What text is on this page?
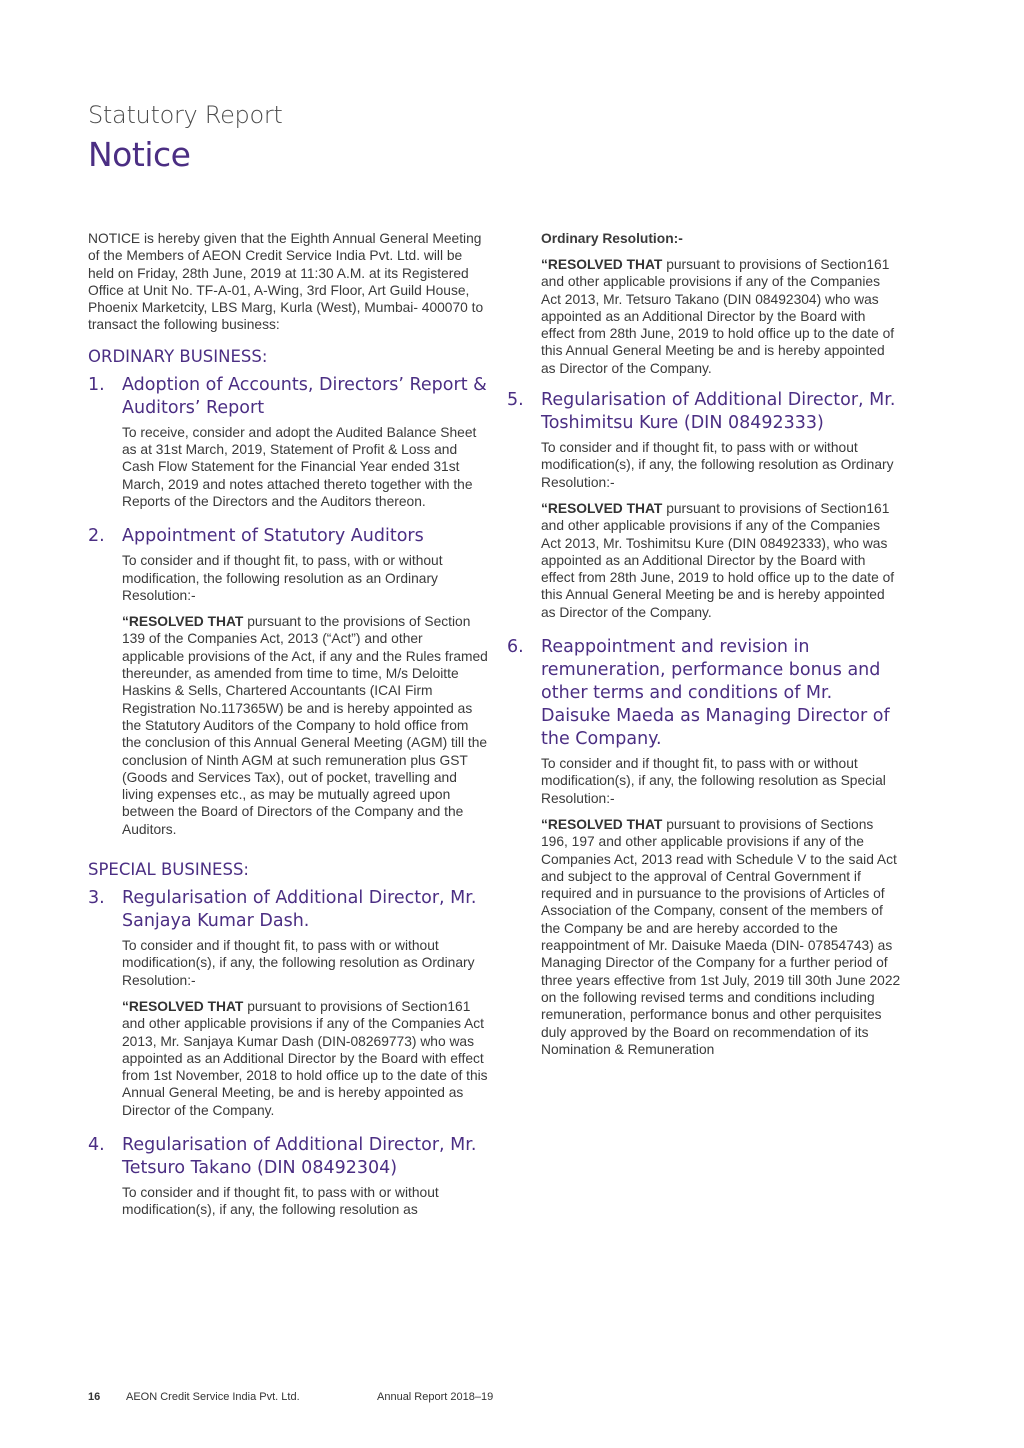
Statutory Report
Notice

NOTICE is hereby given that the Eighth Annual General Meeting of the Members of AEON Credit Service India Pvt. Ltd. will be held on Friday, 28th June, 2019 at 11:30 A.M. at its Registered Office at Unit No. TF-A-01, A-Wing, 3rd Floor, Art Guild House, Phoenix Marketcity, LBS Marg, Kurla (West), Mumbai- 400070 to transact the following business:

ORDINARY BUSINESS:
1. Adoption of Accounts, Directors’ Report & Auditors’ Report

To receive, consider and adopt the Audited Balance Sheet as at 31st March, 2019, Statement of Profit & Loss and Cash Flow Statement for the Financial Year ended 31st March, 2019 and notes attached thereto together with the Reports of the Directors and the Auditors thereon.

2. Appointment of Statutory Auditors

To consider and if thought fit, to pass, with or without modification, the following resolution as an Ordinary Resolution:-

“RESOLVED THAT pursuant to the provisions of Section 139 of the Companies Act, 2013 (“Act”) and other applicable provisions of the Act, if any and the Rules framed thereunder, as amended from time to time, M/s Deloitte Haskins & Sells, Chartered Accountants (ICAI Firm Registration No.117365W) be and is hereby appointed as the Statutory Auditors of the Company to hold office from the conclusion of this Annual General Meeting (AGM) till the conclusion of Ninth AGM at such remuneration plus GST (Goods and Services Tax), out of pocket, travelling and living expenses etc., as may be mutually agreed upon between the Board of Directors of the Company and the Auditors.

SPECIAL BUSINESS:
3. Regularisation of Additional Director, Mr. Sanjaya Kumar Dash.

To consider and if thought fit, to pass with or without modification(s), if any, the following resolution as Ordinary Resolution:-

“RESOLVED THAT pursuant to provisions of Section161 and other applicable provisions if any of the Companies Act 2013, Mr. Sanjaya Kumar Dash (DIN-08269773) who was appointed as an Additional Director by the Board with effect from 1st November, 2018 to hold office up to the date of this Annual General Meeting, be and is hereby appointed as Director of the Company.

4. Regularisation of Additional Director, Mr. Tetsuro Takano (DIN 08492304)

To consider and if thought fit, to pass with or without modification(s), if any, the following resolution as

Ordinary Resolution:-

“RESOLVED THAT pursuant to provisions of Section161 and other applicable provisions if any of the Companies Act 2013, Mr. Tetsuro Takano (DIN 08492304) who was appointed as an Additional Director by the Board with effect from 28th June, 2019 to hold office up to the date of this Annual General Meeting be and is hereby appointed as Director of the Company.

5. Regularisation of Additional Director, Mr. Toshimitsu Kure (DIN 08492333)

To consider and if thought fit, to pass with or without modification(s), if any, the following resolution as Ordinary Resolution:-

“RESOLVED THAT pursuant to provisions of Section161 and other applicable provisions if any of the Companies Act 2013, Mr. Toshimitsu Kure (DIN 08492333), who was appointed as an Additional Director by the Board with effect from 28th June, 2019 to hold office up to the date of this Annual General Meeting be and is hereby appointed as Director of the Company.

6. Reappointment and revision in remuneration, performance bonus and other terms and conditions of Mr. Daisuke Maeda as Managing Director of the Company.

To consider and if thought fit, to pass with or without modification(s), if any, the following resolution as Special Resolution:-

“RESOLVED THAT pursuant to provisions of Sections 196, 197 and other applicable provisions if any of the Companies Act, 2013 read with Schedule V to the said Act and subject to the approval of Central Government if required and in pursuance to the provisions of Articles of Association of the Company, consent of the members of the Company be and are hereby accorded to the reappointment of Mr. Daisuke Maeda (DIN- 07854743) as Managing Director of the Company for a further period of three years effective from 1st July, 2019 till 30th June 2022 on the following revised terms and conditions including remuneration, performance bonus and other perquisites duly approved by the Board on recommendation of its Nomination & Remuneration

16	AEON Credit Service India Pvt. Ltd.	Annual Report 2018–19
